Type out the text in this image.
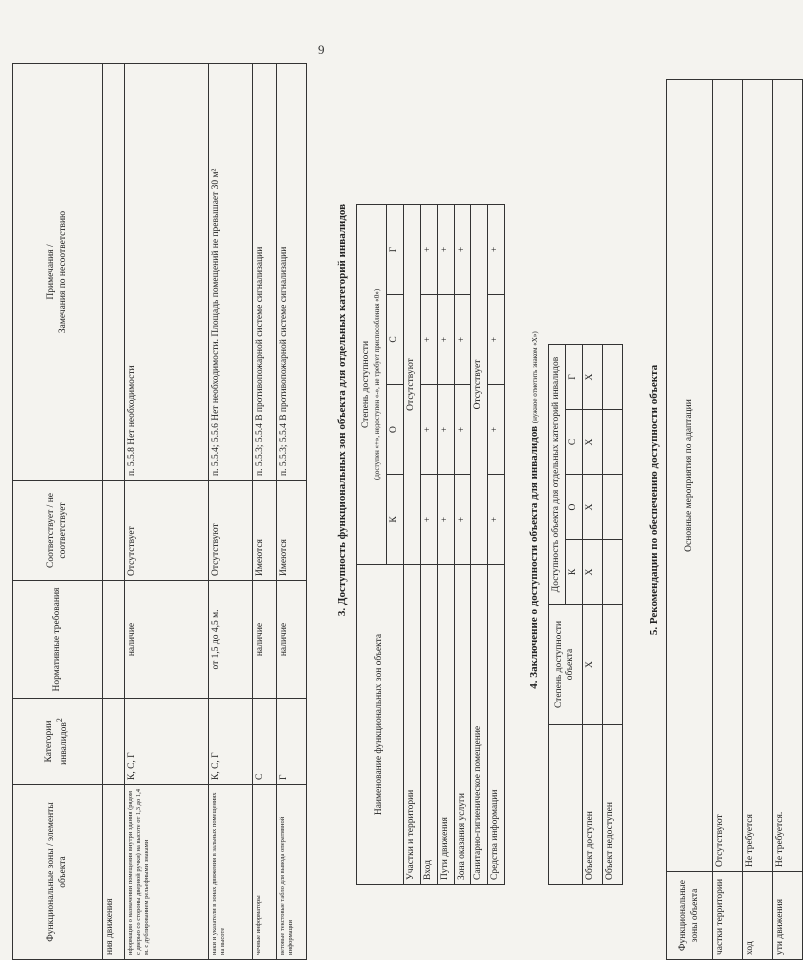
9
Функциональные зоны / элементы объекта	Категории инвалидов$^2$	Нормативные требования	Соответствует / не соответствует	Примечания / Замечания по несоответствию

ния движения				
нформация о назначении помещения внутри здания (рядом с дверью со стороны дверной ручки) на высоте от 1,3 до 1,4 м. с дублированием рельефными знаками	К, С, Г	наличие	Отсутствует	п. 5.5.8 Нет необходимости
наки и указатели в зонах движения в зальных помещениях на высоте	К, С, Г	от 1,5 до 4,5 м.	Отсутствуют	п. 5.5.4; 5.5.6 Нет необходимости. Площадь помещений не превышает 30 м²
чечные информаторы	С	наличие	Имеются	п. 5.5.3; 5.5.4 В противопожарной системе сигнализации
ветовые текстовые табло для вывода оперативной информации	Г	наличие	Имеются	п. 5.5.3; 5.5.4 В противопожарной системе сигнализации	3. Доступность функциональных зон объекта для отдельных категорий инвалидов
Наименование функциональных зон объекта	Степень доступности (доступен «+», недоступен «-», не требует приспособления «0»)			

	К	О	С	Г
Участки и территории	Отсутствуют			
Вход	+	+	+	+
Пути движения	+	+	+	+
Зона оказания услуги	+	+	+	+
Санитарно-гигиеническое помещение	Отсутствует			
Средства информации	+	+	+	+
4. Заключение о доступности объекта для инвалидов (нужное отметить знаком «Х»)
	Степень доступности объекта	Доступность объекта для отдельных категорий инвалидов			
		К	О	С	Г
Объект доступен	Х	Х	Х	Х	Х
Объект недоступен					
5. Рекомендации по обеспечению доступности объекта
Функциональные зоны объекта	Основные мероприятия по адаптации
частки территории	Отсутствуют
ход	Не требуется
ути движения	Не требуется.
